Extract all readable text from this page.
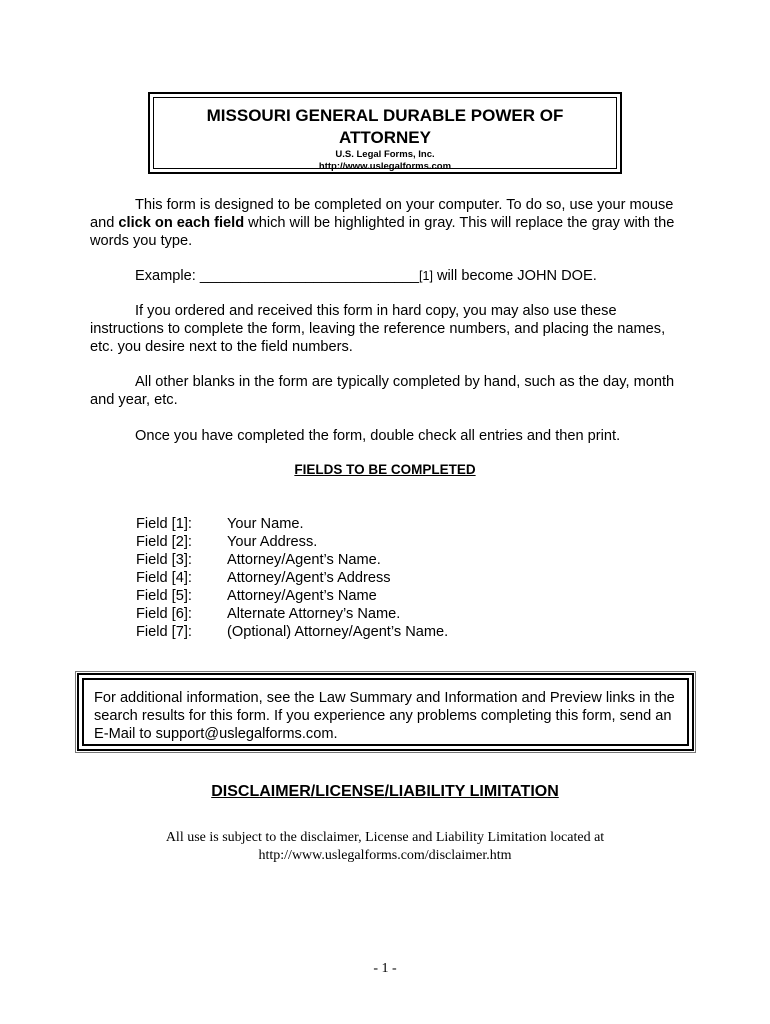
MISSOURI GENERAL DURABLE POWER OF
ATTORNEY
U.S. Legal Forms, Inc.
http://www.uslegalforms.com
This form is designed to be completed on your computer. To do so, use your mouse and click on each field which will be highlighted in gray. This will replace the gray with the words you type.
Example: ___________________________[1] will become JOHN DOE.
If you ordered and received this form in hard copy, you may also use these instructions to complete the form, leaving the reference numbers, and placing the names, etc. you desire next to the field numbers.
All other blanks in the form are typically completed by hand, such as the day, month and year, etc.
Once you have completed the form, double check all entries and then print.
FIELDS TO BE COMPLETED
Field [1]:	Your Name.
Field [2]:	Your Address.
Field [3]:	Attorney/Agent’s Name.
Field [4]:	Attorney/Agent’s Address
Field [5]:	Attorney/Agent’s Name
Field [6]:	Alternate Attorney’s Name.
Field [7]:	(Optional) Attorney/Agent’s Name.
For additional information, see the Law Summary and Information and Preview links in the search results for this form. If you experience any problems completing this form, send an E-Mail to support@uslegalforms.com.
DISCLAIMER/LICENSE/LIABILITY LIMITATION
All use is subject to the disclaimer, License and Liability Limitation located at
http://www.uslegalforms.com/disclaimer.htm
- 1 -
